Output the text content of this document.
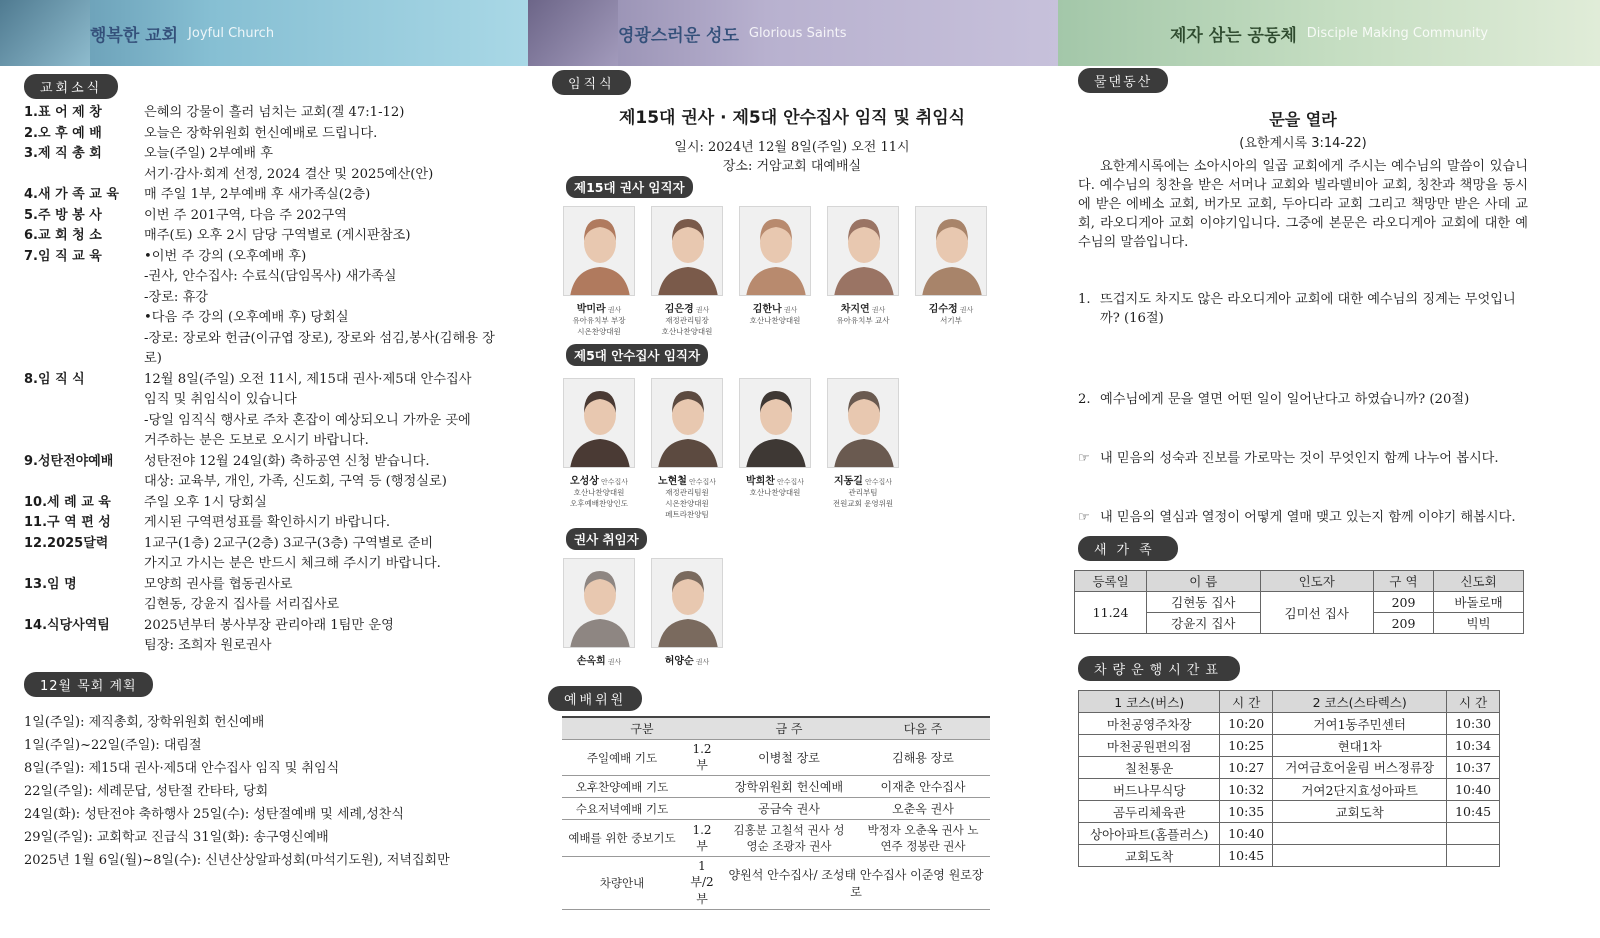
행복한 교회 Joyful Church	영광스러운 성도 Glorious Saints	제자 삼는 공동체 Disciple Making Community
교회소식
1.표 어 제 창	은혜의 강물이 흘러 넘치는 교회(겔 47:1-12)
2.오 후 예 배	오늘은 장학위원회 헌신예배로 드립니다.
3.제 직 총 회	오늘(주일) 2부예배 후
서기·감사·회계 선정, 2024 결산 및 2025예산(안)
4.새 가 족 교 육	매 주일 1부, 2부예배 후 새가족실(2층)
5.주 방 봉 사	이번 주 201구역, 다음 주 202구역
6.교 회 청 소	매주(토) 오후 2시 담당 구역별로 (게시판참조)
7.임 직 교 육	•이번 주 강의 (오후예배 후)
-권사, 안수집사: 수료식(담임목사) 새가족실
-장로: 휴강
•다음 주 강의 (오후예배 후) 당회실
-장로: 장로와 헌금(이규엽 장로), 장로와 섬김,봉사(김해용 장로)
8.임 직 식	12월 8일(주일) 오전 11시, 제15대 권사·제5대 안수집사
임직 및 취임식이 있습니다
-당일 임직식 행사로 주차 혼잡이 예상되오니 가까운 곳에
거주하는 분은 도보로 오시기 바랍니다.
9.성탄전야예배	성탄전야 12월 24일(화) 축하공연 신청 받습니다.
대상: 교육부, 개인, 가족, 신도회, 구역 등 (행정실로)
10.세 례 교 육	주일 오후 1시 당회실
11.구 역 편 성	게시된 구역편성표를 확인하시기 바랍니다.
12.2025달력	1교구(1층) 2교구(2층) 3교구(3층) 구역별로 준비
가지고 가시는 분은 반드시 체크해 주시기 바랍니다.
13.임 명	모양희 권사를 협동권사로
김현동, 강윤지 집사를 서리집사로
14.식당사역팀	2025년부터 봉사부장 관리아래 1팀만 운영
팀장: 조희자 원로권사
12월 목회 계획
1일(주일): 제직총회, 장학위원회 헌신예배
1일(주일)~22일(주일): 대림절
8일(주일): 제15대 권사·제5대 안수집사 임직 및 취임식
22일(주일): 세례문답, 성탄절 칸타타, 당회
24일(화): 성탄전야 축하행사 25일(수): 성탄절예배 및 세례,성찬식
29일(주일): 교회학교 진급식 31일(화): 송구영신예배
2025년 1월 6일(월)~8일(수): 신년산상알파성회(마석기도원), 저녁집회만
임직식
제15대 권사 · 제5대 안수집사 임직 및 취임식
일시: 2024년 12월 8일(주일) 오전 11시
장소: 거암교회 대예배실
제15대 권사 임직자
박미라 권사
유아유치부 부장
시온찬양대원
김은경 권사
재정관리팀장
호산나찬양대원
김한나 권사
호산나찬양대원
차지연 권사
유아유치부 교사
김수정 권사
서기부
제5대 안수집사 임직자
오성상 안수집사
호산나찬양대원
오후예배찬양인도
노현철 안수집사
재정관리팀원
시온찬양대원
페트라찬양팀
박희찬 안수집사
호산나찬양대원
지동길 안수집사
관리부팀
전원교회 운영위원
권사 취임자
손옥희 권사	허양순 권사
예배위원
구분		금 주	다음 주
주일예배 기도	1.2부	이병철 장로	김해용 장로
오후찬양예배 기도		장학위원회 헌신예배	이재춘 안수집사
수요저녁예배 기도		공금숙 권사	오춘옥 권사
예배를 위한 중보기도	1.2부	김홍분 고칠석 권사 성영순 조광자 권사	박정자 오춘옥 권사 노연주 정봉란 권사
차량안내	1부/2부	양원석 안수집사/ 조성태 안수집사 이준영 원로장로	
물댄동산
문을 열라
(요한계시록 3:14-22)
요한계시록에는 소아시아의 일곱 교회에게 주시는 예수님의 말씀이 있습니다. 예수님의 칭찬을 받은 서머나 교회와 빌라델비아 교회, 칭찬과 책망을 동시에 받은 에베소 교회, 버가모 교회, 두아디라 교회 그리고 책망만 받은 사데 교회, 라오디게아 교회 이야기입니다. 그중에 본문은 라오디게아 교회에 대한 예수님의 말씀입니다.
1. 뜨겁지도 차지도 않은 라오디게아 교회에 대한 예수님의 징계는 무엇입니까? (16절)
2. 예수님에게 문을 열면 어떤 일이 일어난다고 하였습니까? (20절)
☞ 내 믿음의 성숙과 진보를 가로막는 것이 무엇인지 함께 나누어 봅시다.
☞ 내 믿음의 열심과 열정이 어떻게 열매 맺고 있는지 함께 이야기 해봅시다.
새가족
등록일	이 름	인도자	구 역	신도회
11.24	김현동 집사	김미선 집사	209	바돌로매
	강윤지 집사		209	빅빅
차량운행시간표
1 코스(버스)	시 간	2 코스(스타렉스)	시 간
마천공영주차장	10:20	거여1동주민센터	10:30
마천공원편의점	10:25	현대1차	10:34
칠천통운	10:27	거여금호어울림 버스정류장	10:37
버드나무식당	10:32	거여2단지효성아파트	10:40
곰두리체육관	10:35	교회도착	10:45
상아아파트(홈플러스)	10:40		
교회도착	10:45		
